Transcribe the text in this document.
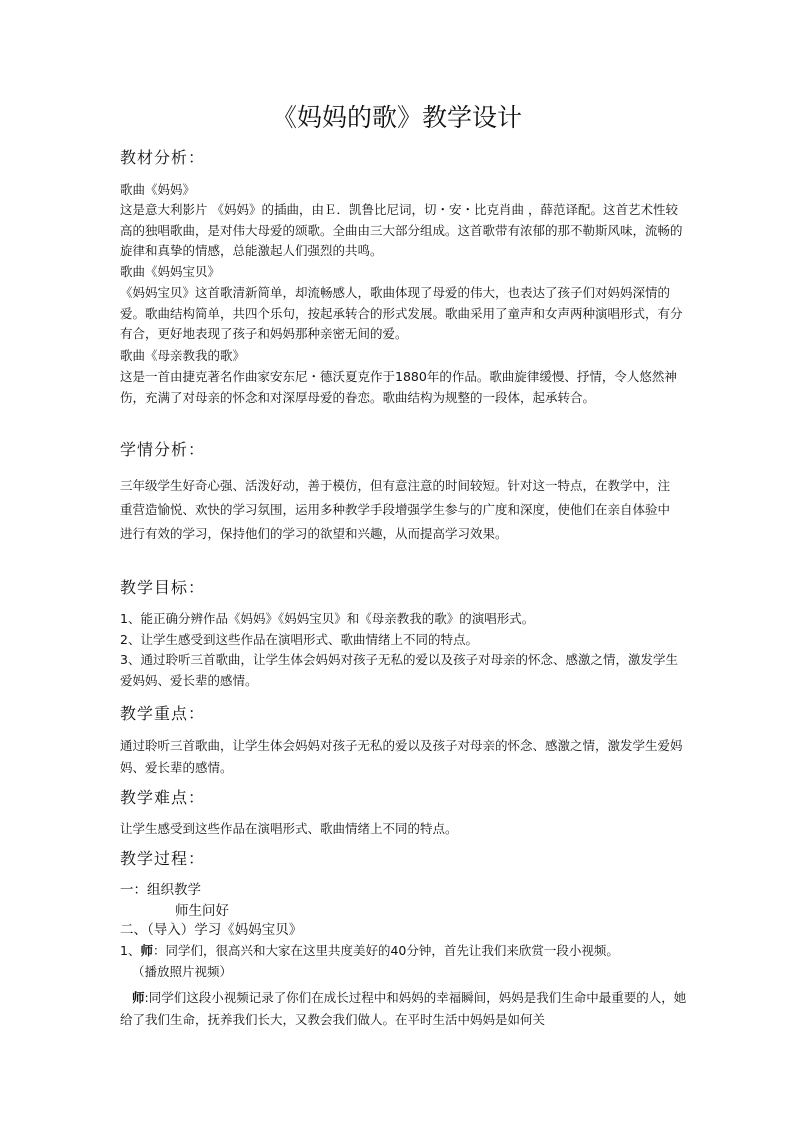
《妈妈的歌》教学设计
教材分析：

歌曲《妈妈》

这是意大利影片 《妈妈》的插曲，由Ｅ．凯鲁比尼词，切・安・比克肖曲 ，薛范译配。这首艺术性较高的独唱歌曲，是对伟大母爱的颂歌。全曲由三大部分组成。这首歌带有浓郁的那不勒斯风味，流畅的旋律和真挚的情感，总能激起人们强烈的共鸣。

歌曲《妈妈宝贝》

《妈妈宝贝》这首歌清新简单，却流畅感人，歌曲体现了母爱的伟大，也表达了孩子们对妈妈深情的爱。歌曲结构简单，共四个乐句，按起承转合的形式发展。歌曲采用了童声和女声两种演唱形式，有分有合，更好地表现了孩子和妈妈那种亲密无间的爱。

歌曲《母亲教我的歌》

这是一首由捷克著名作曲家安东尼・德沃夏克作于1880年的作品。歌曲旋律缓慢、抒情，令人悠然神伤，充满了对母亲的怀念和对深厚母爱的眷恋。歌曲结构为规整的一段体，起承转合。

学情分析：

三年级学生好奇心强、活泼好动，善于模仿，但有意注意的时间较短。针对这一特点，在教学中，注重营造愉悦、欢快的学习氛围，运用多种教学手段增强学生参与的广度和深度，使他们在亲自体验中进行有效的学习，保持他们的学习的欲望和兴趣，从而提高学习效果。

教学目标：

1、能正确分辨作品《妈妈》《妈妈宝贝》和《母亲教我的歌》的演唱形式。

2、让学生感受到这些作品在演唱形式、歌曲情绪上不同的特点。

3、通过聆听三首歌曲，让学生体会妈妈对孩子无私的爱以及孩子对母亲的怀念、感激之情，激发学生爱妈妈、爱长辈的感情。

教学重点：

通过聆听三首歌曲，让学生体会妈妈对孩子无私的爱以及孩子对母亲的怀念、感激之情，激发学生爱妈妈、爱长辈的感情。

教学难点：

让学生感受到这些作品在演唱形式、歌曲情绪上不同的特点。

教学过程：

一：组织教学

师生问好

二、（导入）学习《妈妈宝贝》

1、师：同学们，很高兴和大家在这里共度美好的40分钟，首先让我们来欣赏一段小视频。

（播放照片视频）

师:同学们这段小视频记录了你们在成长过程中和妈妈的幸福瞬间，妈妈是我们生命中最重要的人，她给了我们生命，抚养我们长大，又教会我们做人。在平时生活中妈妈是如何关
